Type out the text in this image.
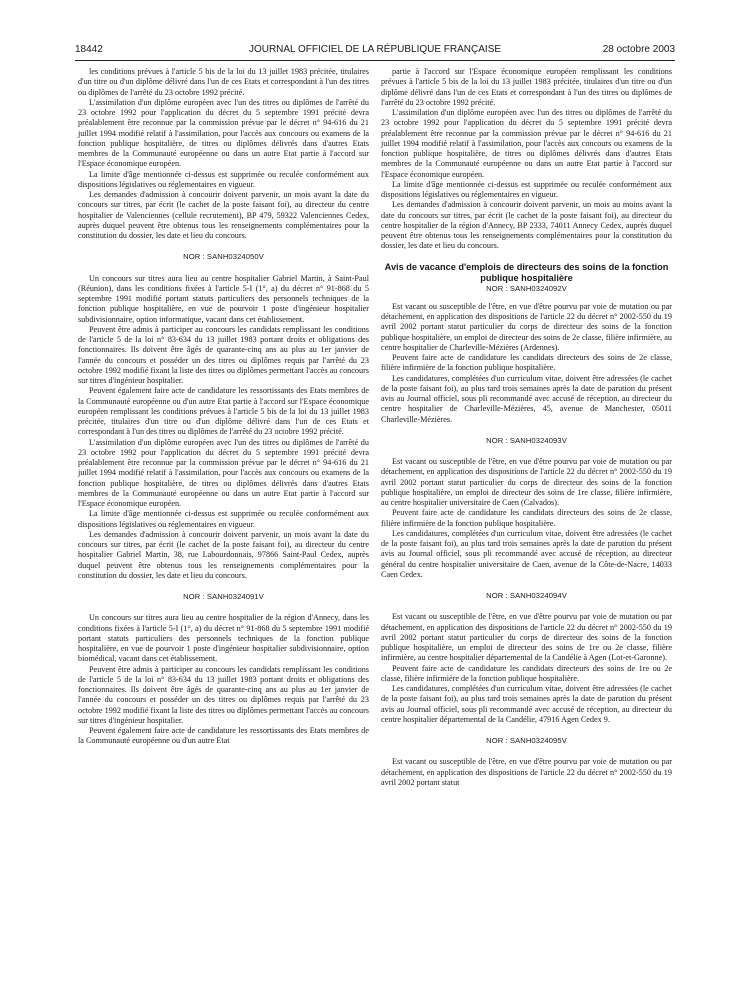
18442	JOURNAL OFFICIEL DE LA RÉPUBLIQUE FRANÇAISE	28 octobre 2003

les conditions prévues à l'article 5 bis de la loi du 13 juillet 1983 précitée, titulaires d'un titre ou d'un diplôme délivré dans l'un de ces Etats et correspondant à l'un des titres ou diplômes de l'arrêté du 23 octobre 1992 précité.

L'assimilation d'un diplôme européen avec l'un des titres ou diplômes de l'arrêté du 23 octobre 1992 pour l'application du décret du 5 septembre 1991 précité devra préalablement être reconnue par la commission prévue par le décret n° 94-616 du 21 juillet 1994 modifié relatif à l'assimilation, pour l'accès aux concours ou examens de la fonction publique hospitalière, de titres ou diplômes délivrés dans d'autres Etats membres de la Communauté européenne ou dans un autre Etat partie à l'accord sur l'Espace économique européen.

La limite d'âge mentionnée ci-dessus est supprimée ou reculée conformément aux dispositions législatives ou réglementaires en vigueur.

Les demandes d'admission à concourir doivent parvenir, un mois avant la date du concours sur titres, par écrit (le cachet de la poste faisant foi), au directeur du centre hospitalier de Valenciennes (cellule recrutement), BP 479, 59322 Valenciennes Cedex, auprès duquel peuvent être obtenus tous les renseignements complémentaires pour la constitution du dossier, les date et lieu du concours.

NOR : SANH0324050V

Un concours sur titres aura lieu au centre hospitalier Gabriel Martin, à Saint-Paul (Réunion), dans les conditions fixées à l'article 5-I (1°, a) du décret n° 91-868 du 5 septembre 1991 modifié portant statuts particuliers des personnels techniques de la fonction publique hospitalière, en vue de pourvoir 1 poste d'ingénieur hospitalier subdivisionnaire, option informatique, vacant dans cet établissement.

Peuvent être admis à participer au concours les candidats remplissant les conditions de l'article 5 de la loi n° 83-634 du 13 juillet 1983 portant droits et obligations des fonctionnaires. Ils doivent être âgés de quarante-cinq ans au plus au 1er janvier de l'année du concours et posséder un des titres ou diplômes requis par l'arrêté du 23 octobre 1992 modifié fixant la liste des titres ou diplômes permettant l'accès au concours sur titres d'ingénieur hospitalier.

Peuvent également faire acte de candidature les ressortissants des Etats membres de la Communauté européenne ou d'un autre Etat partie à l'accord sur l'Espace économique européen remplissant les conditions prévues à l'article 5 bis de la loi du 13 juillet 1983 précitée, titulaires d'un titre ou d'un diplôme délivré dans l'un de ces Etats et correspondant à l'un des titres ou diplômes de l'arrêté du 23 octobre 1992 précité.

L'assimilation d'un diplôme européen avec l'un des titres ou diplômes de l'arrêté du 23 octobre 1992 pour l'application du décret du 5 septembre 1991 précité devra préalablement être reconnue par la commission prévue par le décret n° 94-616 du 21 juillet 1994 modifié relatif à l'assimilation, pour l'accès aux concours ou examens de la fonction publique hospitalière, de titres ou diplômes délivrés dans d'autres Etats membres de la Communauté européenne ou dans un autre Etat partie à l'accord sur l'Espace économique européen.

La limite d'âge mentionnée ci-dessus est supprimée ou reculée conformément aux dispositions législatives ou réglementaires en vigueur.

Les demandes d'admission à concourir doivent parvenir, un mois avant la date du concours sur titres, par écrit (le cachet de la poste faisant foi), au directeur du centre hospitalier Gabriel Martin, 38, rue Labourdonnais, 97866 Saint-Paul Cedex, auprès duquel peuvent être obtenus tous les renseignements complémentaires pour la constitution du dossier, les date et lieu du concours.

NOR : SANH0324091V

Un concours sur titres aura lieu au centre hospitalier de la région d'Annecy, dans les conditions fixées à l'article 5-I (1°, a) du décret n° 91-868 du 5 septembre 1991 modifié portant statuts particuliers des personnels techniques de la fonction publique hospitalière, en vue de pourvoir 1 poste d'ingénieur hospitalier subdivisionnaire, option biomédical, vacant dans cet établissement.

Peuvent être admis à participer au concours les candidats remplissant les conditions de l'article 5 de la loi n° 83-634 du 13 juillet 1983 portant droits et obligations des fonctionnaires. Ils doivent être âgés de quarante-cinq ans au plus au 1er janvier de l'année du concours et posséder un des titres ou diplômes requis par l'arrêté du 23 octobre 1992 modifié fixant la liste des titres ou diplômes permettant l'accès au concours sur titres d'ingénieur hospitalier.

Peuvent également faire acte de candidature les ressortissants des Etats membres de la Communauté européenne ou d'un autre Etat

partie à l'accord sur l'Espace économique européen remplissant les conditions prévues à l'article 5 bis de la loi du 13 juillet 1983 précitée, titulaires d'un titre ou d'un diplôme délivré dans l'un de ces Etats et correspondant à l'un des titres ou diplômes de l'arrêté du 23 octobre 1992 précité.

L'assimilation d'un diplôme européen avec l'un des titres ou diplômes de l'arrêté du 23 octobre 1992 pour l'application du décret du 5 septembre 1991 précité devra préalablement être reconnue par la commission prévue par le décret n° 94-616 du 21 juillet 1994 modifié relatif à l'assimilation, pour l'accès aux concours ou examens de la fonction publique hospitalière, de titres ou diplômes délivrés dans d'autres Etats membres de la Communauté européenne ou dans un autre Etat partie à l'accord sur l'Espace économique européen.

La limite d'âge mentionnée ci-dessus est supprimée ou reculée conformément aux dispositions législatives ou réglementaires en vigueur.

Les demandes d'admission à concourir doivent parvenir, un mois au moins avant la date du concours sur titres, par écrit (le cachet de la poste faisant foi), au directeur du centre hospitalier de la région d'Annecy, BP 2333, 74011 Annecy Cedex, auprès duquel peuvent être obtenus tous les renseignements complémentaires pour la constitution du dossier, les date et lieu du concours.

Avis de vacance d'emplois de directeurs des soins de la fonction publique hospitalière

NOR : SANH0324092V

Est vacant ou susceptible de l'être, en vue d'être pourvu par voie de mutation ou par détachement, en application des dispositions de l'article 22 du décret n° 2002-550 du 19 avril 2002 portant statut particulier du corps de directeur des soins de la fonction publique hospitalière, un emploi de directeur des soins de 2e classe, filière infirmière, au centre hospitalier de Charleville-Mézières (Ardennes).

Peuvent faire acte de candidature les candidats directeurs des soins de 2e classe, filière infirmière de la fonction publique hospitalière.

Les candidatures, complétées d'un curriculum vitae, doivent être adressées (le cachet de la poste faisant foi), au plus tard trois semaines après la date de parution du présent avis au Journal officiel, sous pli recommandé avec accusé de réception, au directeur du centre hospitalier de Charleville-Mézières, 45, avenue de Manchester, 05011 Charleville-Mézières.

NOR : SANH0324093V

Est vacant ou susceptible de l'être, en vue d'être pourvu par voie de mutation ou par détachement, en application des dispositions de l'article 22 du décret n° 2002-550 du 19 avril 2002 portant statut particulier du corps de directeur des soins de la fonction publique hospitalière, un emploi de directeur des soins de 1re classe, filière infirmière, au centre hospitalier universitaire de Caen (Calvados).

Peuvent faire acte de candidature les candidats directeurs des soins de 2e classe, filière infirmière de la fonction publique hospitalière.

Les candidatures, complétées d'un curriculum vitae, doivent être adressées (le cachet de la poste faisant foi), au plus tard trois semaines après la date de parution du présent avis au Journal officiel, sous pli recommandé avec accusé de réception, au directeur général du centre hospitalier universitaire de Caen, avenue de la Côte-de-Nacre, 14033 Caen Cedex.

NOR : SANH0324094V

Est vacant ou susceptible de l'être, en vue d'être pourvu par voie de mutation ou par détachement, en application des dispositions de l'article 22 du décret n° 2002-550 du 19 avril 2002 portant statut particulier du corps de directeur des soins de la fonction publique hospitalière, un emploi de directeur des soins de 1re ou 2e classe, filière infirmière, au centre hospitalier départemental de la Candélie à Agen (Lot-et-Garonne).

Peuvent faire acte de candidature les candidats directeurs des soins de 1re ou 2e classe, filière infirmière de la fonction publique hospitalière.

Les candidatures, complétées d'un curriculum vitae, doivent être adressées (le cachet de la poste faisant foi), au plus tard trois semaines après la date de parution du présent avis au Journal officiel, sous pli recommandé avec accusé de réception, au directeur du centre hospitalier départemental de la Candélie, 47916 Agen Cedex 9.

NOR : SANH0324095V

Est vacant ou susceptible de l'être, en vue d'être pourvu par voie de mutation ou par détachement, en application des dispositions de l'article 22 du décret n° 2002-550 du 19 avril 2002 portant statut
